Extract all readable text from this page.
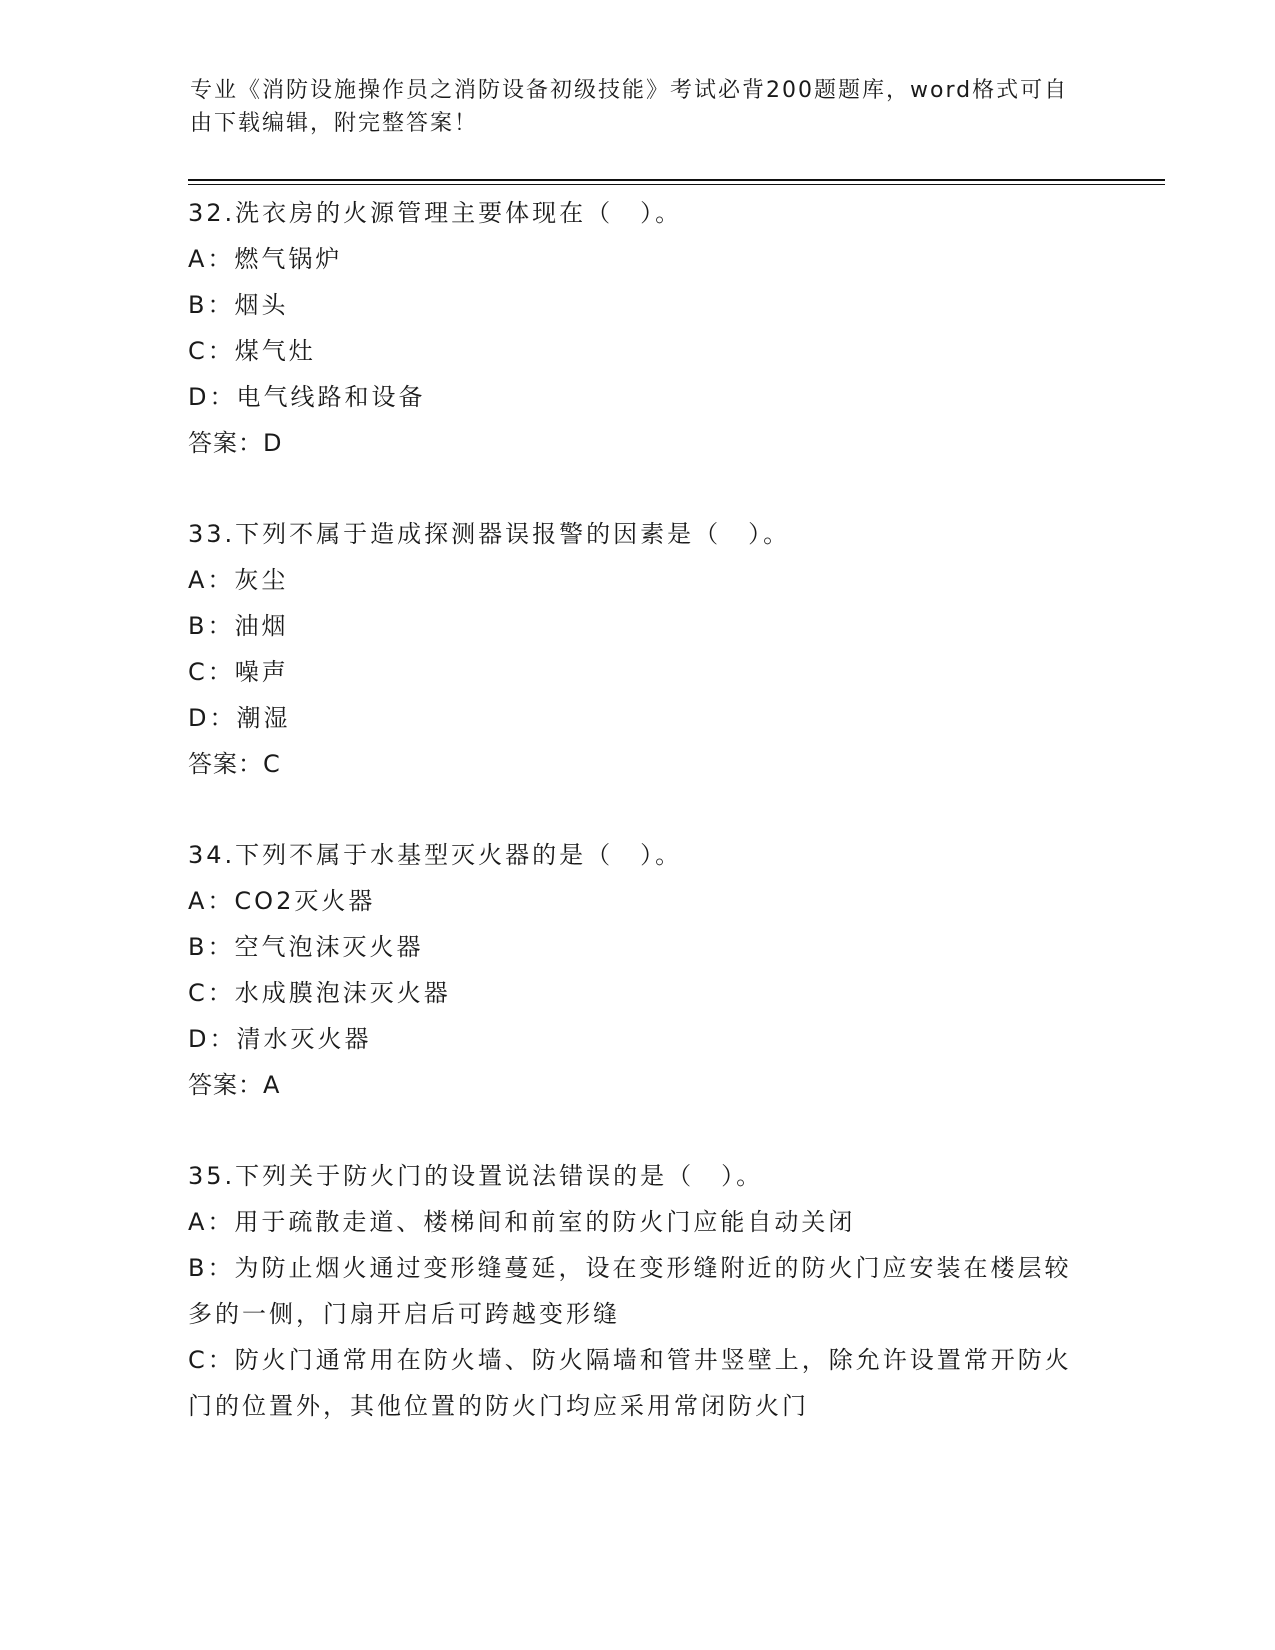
专业《消防设施操作员之消防设备初级技能》考试必背200题题库，word格式可自由下载编辑，附完整答案！
32.洗衣房的火源管理主要体现在（　）。
A：燃气锅炉
B：烟头
C：煤气灶
D：电气线路和设备
答案：D
33.下列不属于造成探测器误报警的因素是（　）。
A：灰尘
B：油烟
C：噪声
D：潮湿
答案：C
34.下列不属于水基型灭火器的是（　）。
A：CO2灭火器
B：空气泡沫灭火器
C：水成膜泡沫灭火器
D：清水灭火器
答案：A
35.下列关于防火门的设置说法错误的是（　）。
A：用于疏散走道、楼梯间和前室的防火门应能自动关闭
B：为防止烟火通过变形缝蔓延，设在变形缝附近的防火门应安装在楼层较多的一侧，门扇开启后可跨越变形缝
C：防火门通常用在防火墙、防火隔墙和管井竖壁上，除允许设置常开防火门的位置外，其他位置的防火门均应采用常闭防火门
